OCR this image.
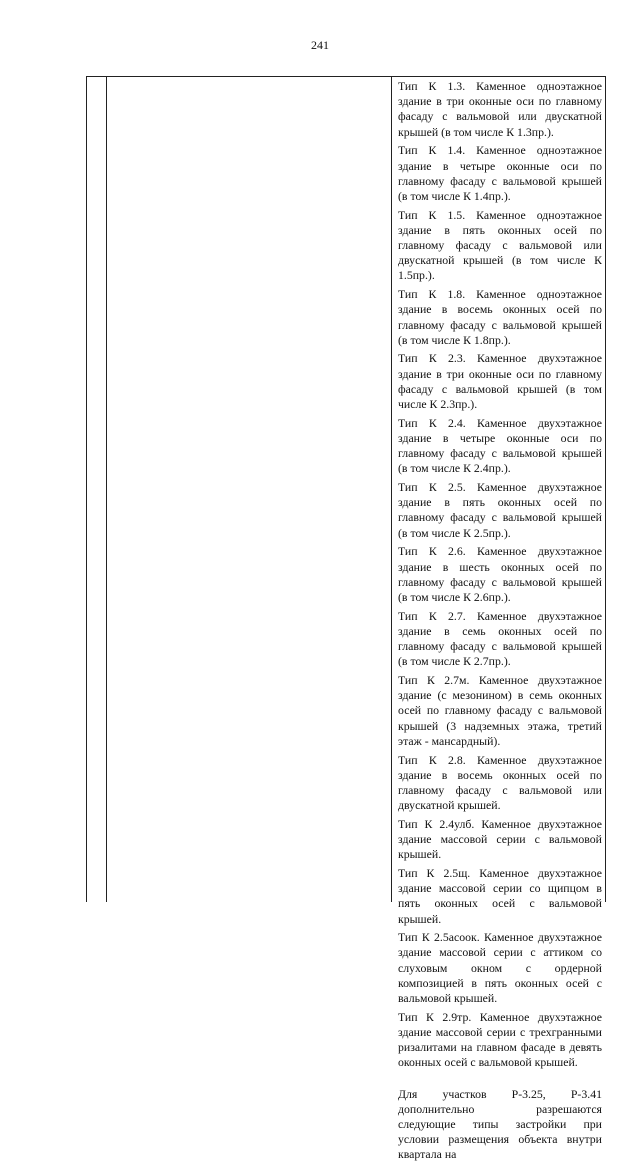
241

Тип К 1.3. Каменное одноэтажное здание в три оконные оси по главному фасаду с вальмовой или двускатной крышей (в том числе К 1.3пр.).

Тип К 1.4. Каменное одноэтажное здание в четыре оконные оси по главному фасаду с вальмовой крышей (в том числе К 1.4пр.).

Тип К 1.5. Каменное одноэтажное здание в пять оконных осей по главному фасаду с вальмовой или двускатной крышей (в том числе К 1.5пр.).

Тип К 1.8. Каменное одноэтажное здание в восемь оконных осей по главному фасаду с вальмовой крышей (в том числе К 1.8пр.).

Тип К 2.3. Каменное двухэтажное здание в три оконные оси по главному фасаду с вальмовой крышей (в том числе К 2.3пр.).

Тип К 2.4. Каменное двухэтажное здание в четыре оконные оси по главному фасаду с вальмовой крышей (в том числе К 2.4пр.).

Тип К 2.5. Каменное двухэтажное здание в пять оконных осей по главному фасаду с вальмовой крышей (в том числе К 2.5пр.).

Тип К 2.6. Каменное двухэтажное здание в шесть оконных осей по главному фасаду с вальмовой крышей (в том числе К 2.6пр.).

Тип К 2.7. Каменное двухэтажное здание в семь оконных осей по главному фасаду с вальмовой крышей (в том числе К 2.7пр.).

Тип К 2.7м. Каменное двухэтажное здание (с мезонином) в семь оконных осей по главному фасаду с вальмовой крышей (3 надземных этажа, третий этаж - мансардный).

Тип К 2.8. Каменное двухэтажное здание в восемь оконных осей по главному фасаду с вальмовой или двускатной крышей.

Тип К 2.4улб. Каменное двухэтажное здание массовой серии с вальмовой крышей.

Тип К 2.5щ. Каменное двухэтажное здание массовой серии со щипцом в пять оконных осей с вальмовой крышей.

Тип К 2.5асоок. Каменное двухэтажное здание массовой серии с аттиком со слуховым окном с ордерной композицией в пять оконных осей с вальмовой крышей.

Тип К 2.9тр. Каменное двухэтажное здание массовой серии с трехгранными ризалитами на главном фасаде в девять оконных осей с вальмовой крышей.

Для участков Р-3.25, Р-3.41 дополнительно разрешаются следующие типы застройки при условии размещения объекта внутри квартала на
